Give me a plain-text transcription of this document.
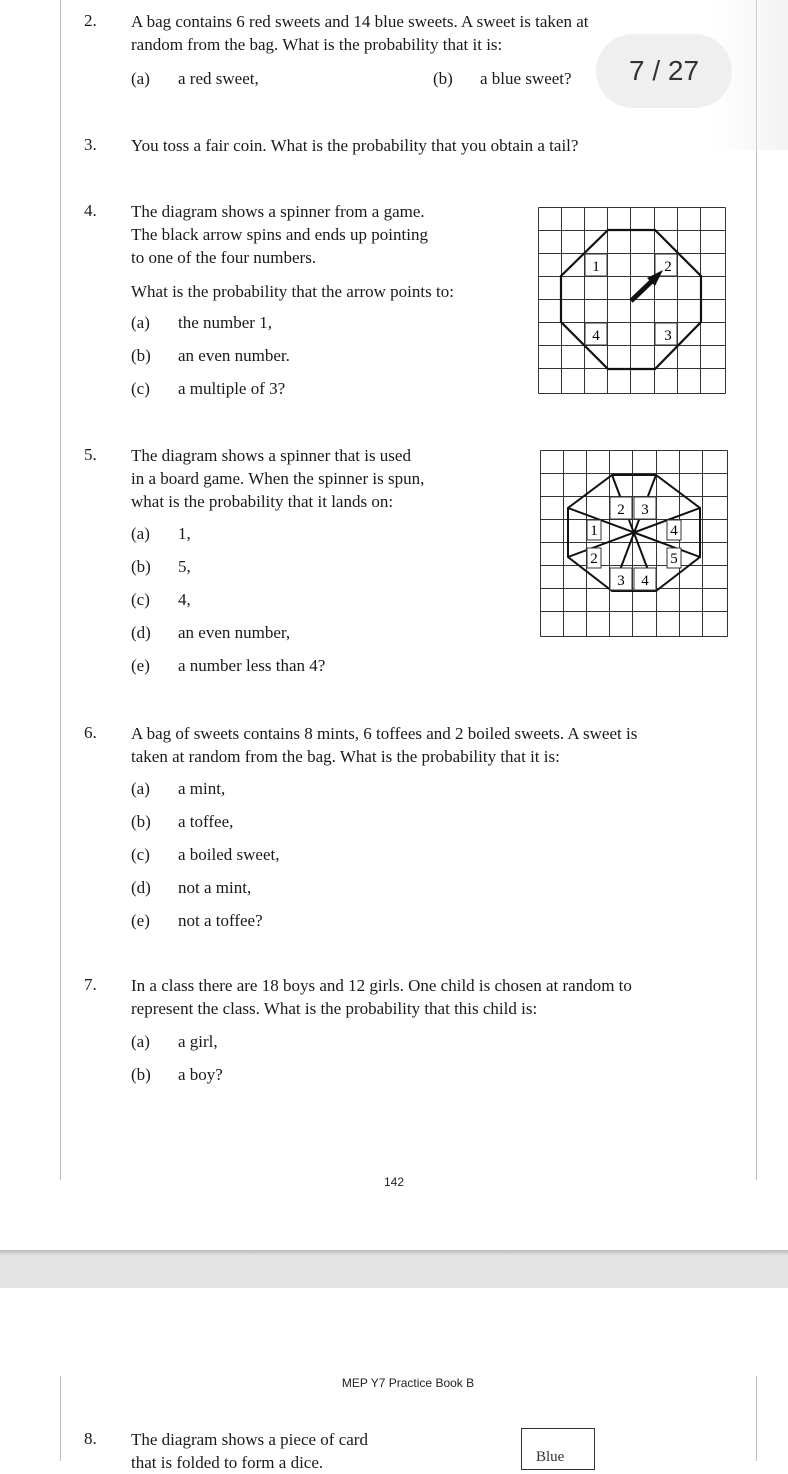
2. A bag contains 6 red sweets and 14 blue sweets. A sweet is taken at
random from the bag. What is the probability that it is:
(a) a red sweet,	(b) a blue sweet?
3. You toss a fair coin. What is the probability that you obtain a tail?
4. The diagram shows a spinner from a game.
The black arrow spins and ends up pointing
to one of the four numbers.
What is the probability that the arrow points to:
(a) the number 1,
(b) an even number.
(c) a multiple of 3?
1	2
4	3
5. The diagram shows a spinner that is used
in a board game. When the spinner is spun,
what is the probability that it lands on:
(a) 1,
(b) 5,
(c) 4,
(d) an even number,
(e) a number less than 4?
2 3
1	4
2	5
3 4
6. A bag of sweets contains 8 mints, 6 toffees and 2 boiled sweets. A sweet is
taken at random from the bag. What is the probability that it is:
(a) a mint,
(b) a toffee,
(c) a boiled sweet,
(d) not a mint,
(e) not a toffee?
7. In a class there are 18 boys and 12 girls. One child is chosen at random to
represent the class. What is the probability that this child is:
(a) a girl,
(b) a boy?
142
7 / 27
MEP Y7 Practice Book B
8. The diagram shows a piece of card
that is folded to form a dice.	Blue
